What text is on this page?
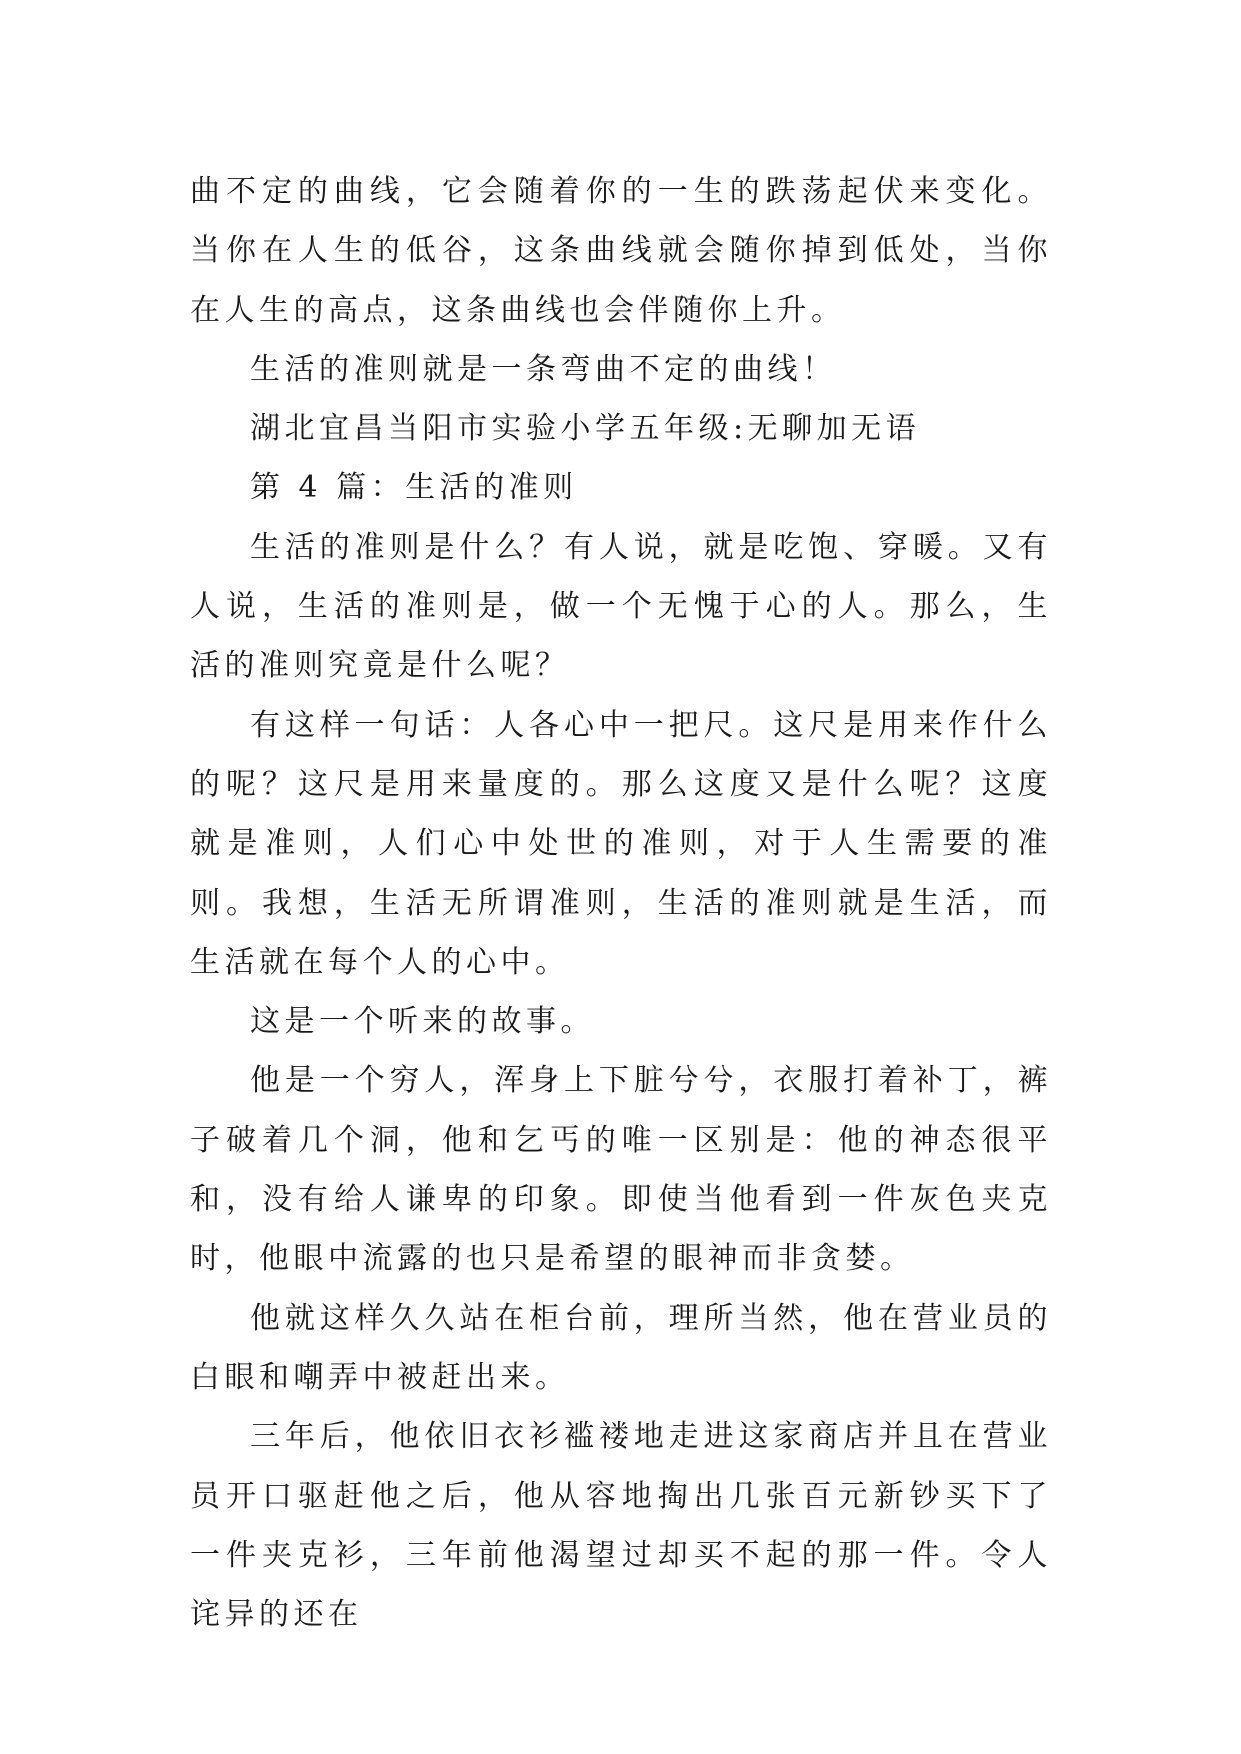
曲不定的曲线，它会随着你的一生的跌荡起伏来变化。当你在人生的低谷，这条曲线就会随你掉到低处，当你在人生的高点，这条曲线也会伴随你上升。

生活的准则就是一条弯曲不定的曲线！

湖北宜昌当阳市实验小学五年级:无聊加无语

第 4 篇：生活的准则

生活的准则是什么？有人说，就是吃饱、穿暖。又有人说，生活的准则是，做一个无愧于心的人。那么，生活的准则究竟是什么呢？

有这样一句话：人各心中一把尺。这尺是用来作什么的呢？这尺是用来量度的。那么这度又是什么呢？这度就是准则，人们心中处世的准则，对于人生需要的准则。我想，生活无所谓准则，生活的准则就是生活，而生活就在每个人的心中。

这是一个听来的故事。

他是一个穷人，浑身上下脏兮兮，衣服打着补丁，裤子破着几个洞，他和乞丐的唯一区别是：他的神态很平和，没有给人谦卑的印象。即使当他看到一件灰色夹克时，他眼中流露的也只是希望的眼神而非贪婪。

他就这样久久站在柜台前，理所当然，他在营业员的白眼和嘲弄中被赶出来。

三年后，他依旧衣衫褴褛地走进这家商店并且在营业员开口驱赶他之后，他从容地掏出几张百元新钞买下了一件夹克衫，三年前他渴望过却买不起的那一件。令人诧异的还在
